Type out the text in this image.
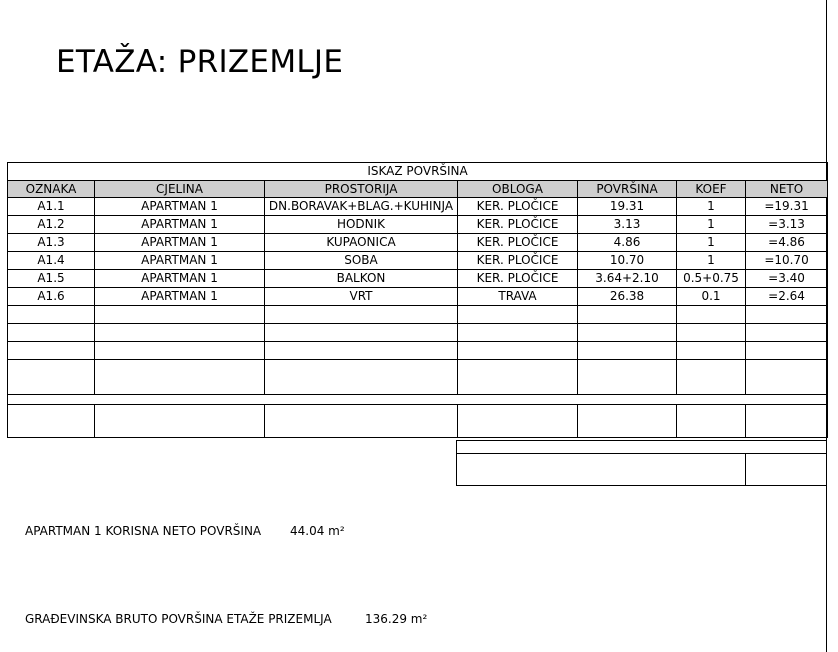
ETAŽA: PRIZEMLJE
ISKAZ POVRŠINA						
OZNAKA	CJELINA	PROSTORIJA	OBLOGA	POVRŠINA	KOEF	NETO
A1.1	APARTMAN 1	DN.BORAVAK+BLAG.+KUHINJA	KER. PLOČICE	19.31	1	=19.31
A1.2	APARTMAN 1	HODNIK	KER. PLOČICE	3.13	1	=3.13
A1.3	APARTMAN 1	KUPAONICA	KER. PLOČICE	4.86	1	=4.86
A1.4	APARTMAN 1	SOBA	KER. PLOČICE	10.70	1	=10.70
A1.5	APARTMAN 1	BALKON	KER. PLOČICE	3.64+2.10	0.5+0.75	=3.40
A1.6	APARTMAN 1	VRT	TRAVA	26.38	0.1	=2.64

APARTMAN 1 KORISNA NETO POVRŠINA 44.04 m²
GRAĐEVINSKA BRUTO POVRŠINA ETAŽE PRIZEMLJA	136.29 m²
